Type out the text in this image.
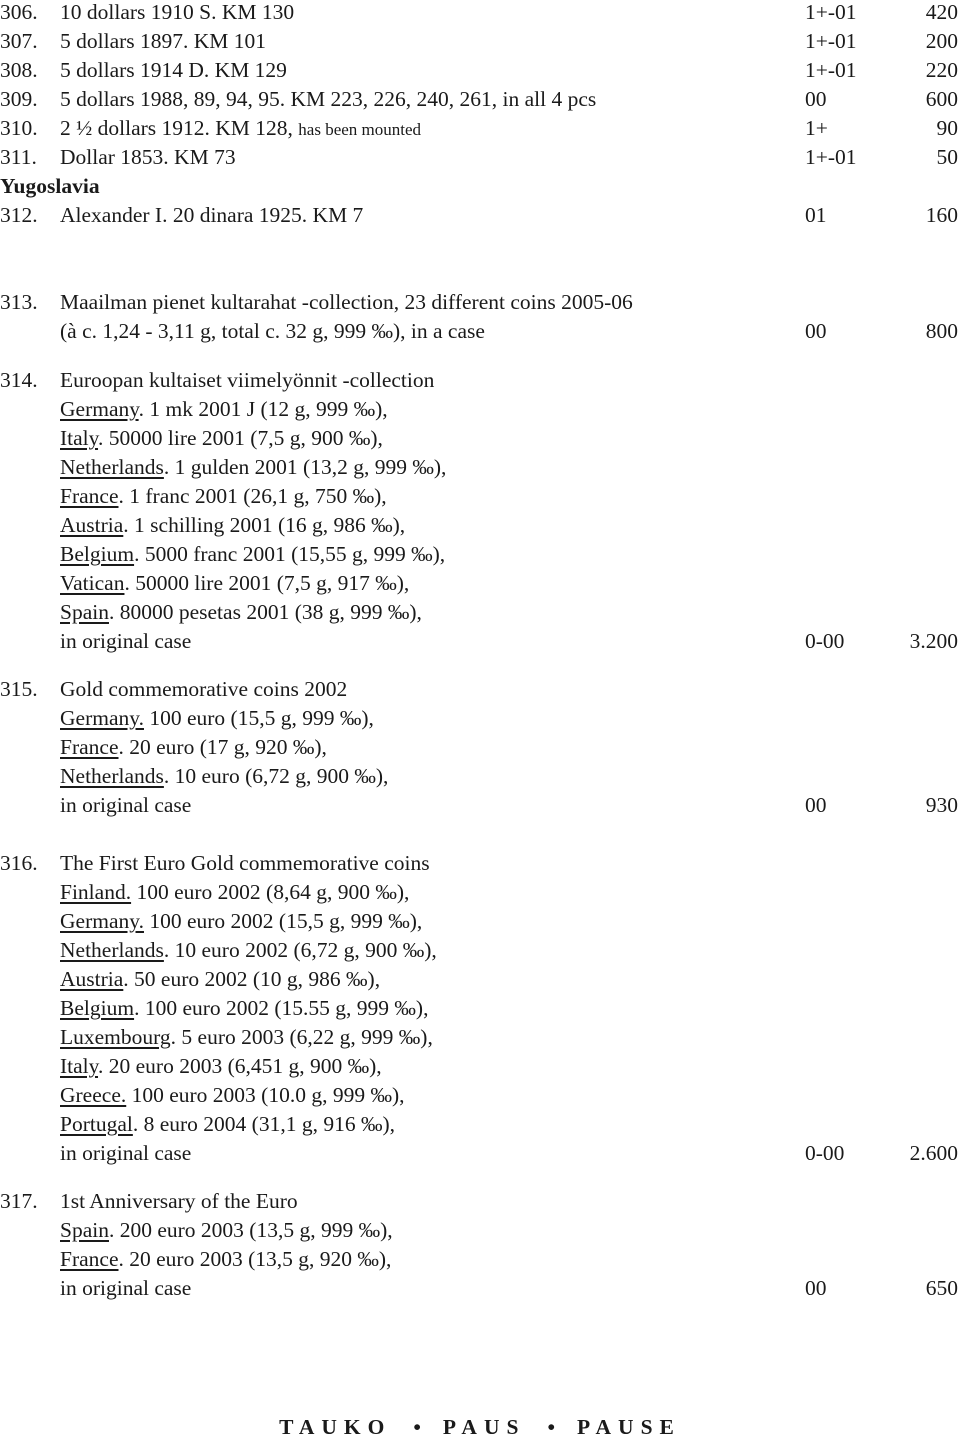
306. 10 dollars 1910 S. KM 130	1+-01	420
307. 5 dollars 1897. KM 101	1+-01	200
308. 5 dollars 1914 D. KM 129	1+-01	220
309. 5 dollars 1988, 89, 94, 95. KM 223, 226, 240, 261, in all 4 pcs	00	600
310. 2 ½ dollars 1912. KM 128, has been mounted	1+	90
311. Dollar 1853. KM 73	1+-01	50
Yugoslavia
312. Alexander I. 20 dinara 1925. KM 7	01	160
313. Maailman pienet kultarahat -collection, 23 different coins 2005-06
(à c. 1,24 - 3,11 g, total c. 32 g, 999 ‰), in a case	00	800
314. Euroopan kultaiset viimelyönnit -collection
Germany. 1 mk 2001 J (12 g, 999 ‰),
Italy. 50000 lire 2001 (7,5 g, 900 ‰),
Netherlands. 1 gulden 2001 (13,2 g, 999 ‰),
France. 1 franc 2001 (26,1 g, 750 ‰),
Austria. 1 schilling 2001 (16 g, 986 ‰),
Belgium. 5000 franc 2001 (15,55 g, 999 ‰),
Vatican. 50000 lire 2001 (7,5 g, 917 ‰),
Spain. 80000 pesetas 2001 (38 g, 999 ‰),
in original case	0-00	3.200
315. Gold commemorative coins 2002
Germany. 100 euro (15,5 g, 999 ‰),
France. 20 euro (17 g, 920 ‰),
Netherlands. 10 euro (6,72 g, 900 ‰),
in original case	00	930
316. The First Euro Gold commemorative coins
Finland. 100 euro 2002 (8,64 g, 900 ‰),
Germany. 100 euro 2002 (15,5 g, 999 ‰),
Netherlands. 10 euro 2002 (6,72 g, 900 ‰),
Austria. 50 euro 2002 (10 g, 986 ‰),
Belgium. 100 euro 2002 (15.55 g, 999 ‰),
Luxembourg. 5 euro 2003 (6,22 g, 999 ‰),
Italy. 20 euro 2003 (6,451 g, 900 ‰),
Greece. 100 euro 2003 (10.0 g, 999 ‰),
Portugal. 8 euro 2004 (31,1 g, 916 ‰),
in original case	0-00	2.600
317. 1st Anniversary of the Euro
Spain. 200 euro 2003 (13,5 g, 999 ‰),
France. 20 euro 2003 (13,5 g, 920 ‰),
in original case	00	650
TAUKO • PAUS • PAUSE
